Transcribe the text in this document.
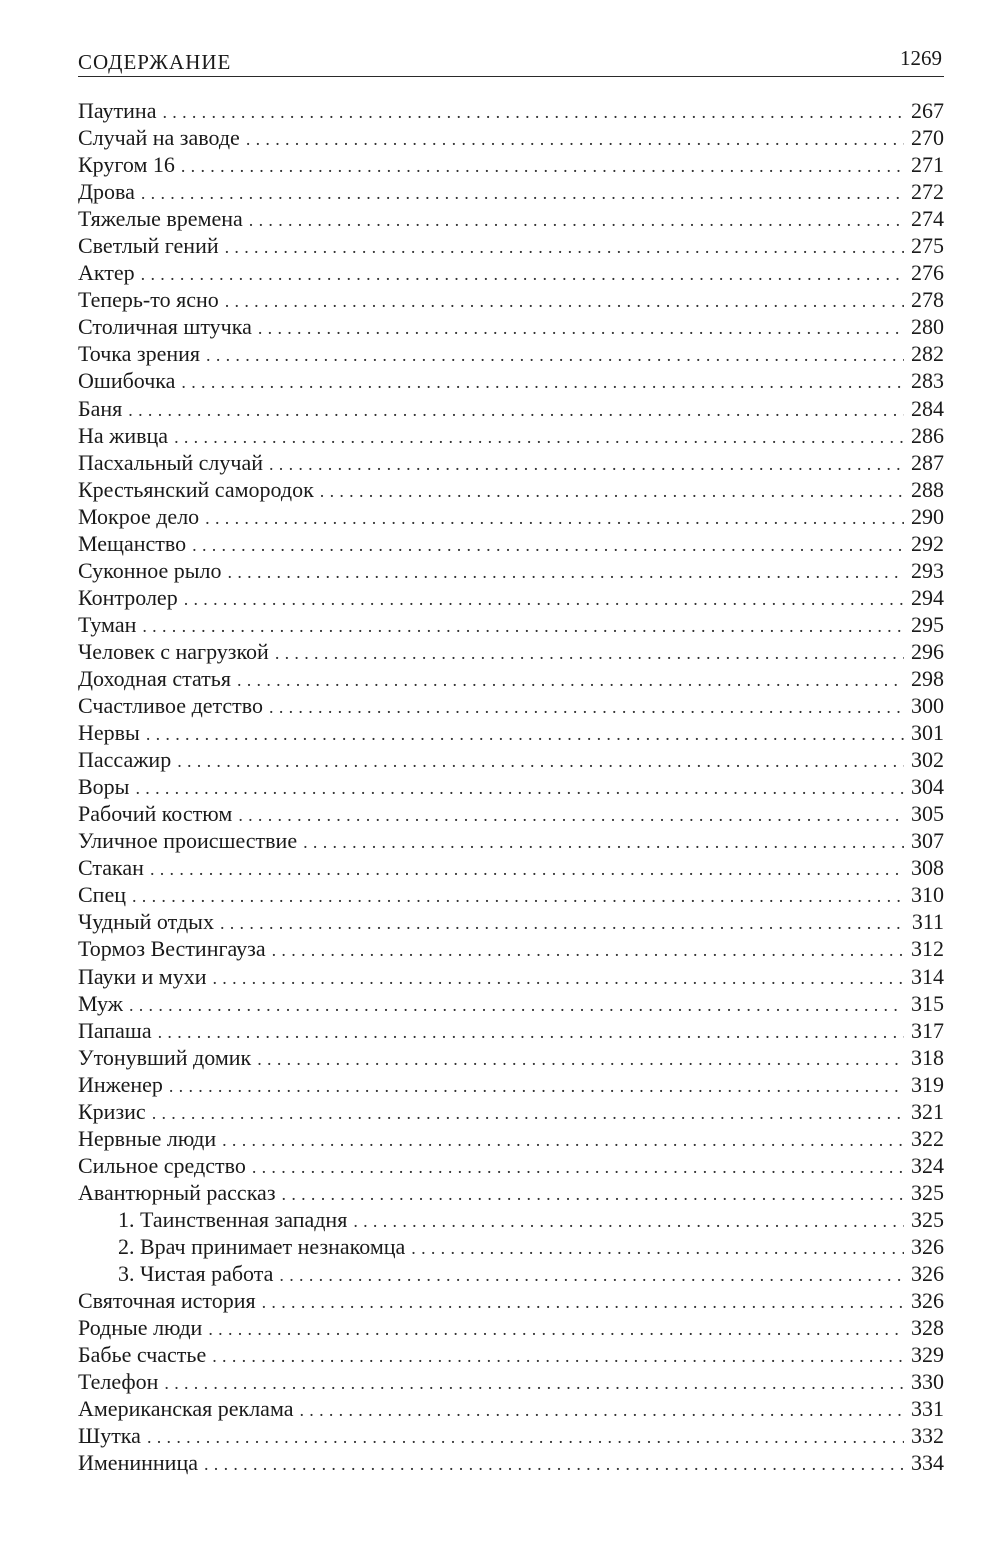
СОДЕРЖАНИЕ	1269
Паутина . . .	267
Случай на заводе . . .	270
Кругом 16 . . .	271
Дрова . . .	272
Тяжелые времена . . .	274
Светлый гений . . .	275
Актер . . .	276
Теперь-то ясно . . .	278
Столичная штучка . . .	280
Точка зрения . . .	282
Ошибочка . . .	283
Баня . . .	284
На живца . . .	286
Пасхальный случай . . .	287
Крестьянский самородок . . .	288
Мокрое дело . . .	290
Мещанство . . .	292
Суконное рыло . . .	293
Контролер . . .	294
Туман . . .	295
Человек с нагрузкой . . .	296
Доходная статья . . .	298
Счастливое детство . . .	300
Нервы . . .	301
Пассажир . . .	302
Воры . . .	304
Рабочий костюм . . .	305
Уличное происшествие . . .	307
Стакан . . .	308
Спец . . .	310
Чудный отдых . . .	311
Тормоз Вестингауза . . .	312
Пауки и мухи . . .	314
Муж . . .	315
Папаша . . .	317
Утонувший домик . . .	318
Инженер . . .	319
Кризис . . .	321
Нервные люди . . .	322
Сильное средство . . .	324
Авантюрный рассказ . . .	325
1. Таинственная западня . . .	325
2. Врач принимает незнакомца . . .	326
3. Чистая работа . . .	326
Святочная история . . .	326
Родные люди . . .	328
Бабье счастье . . .	329
Телефон . . .	330
Американская реклама . . .	331
Шутка . . .	332
Именинница . . .	334
